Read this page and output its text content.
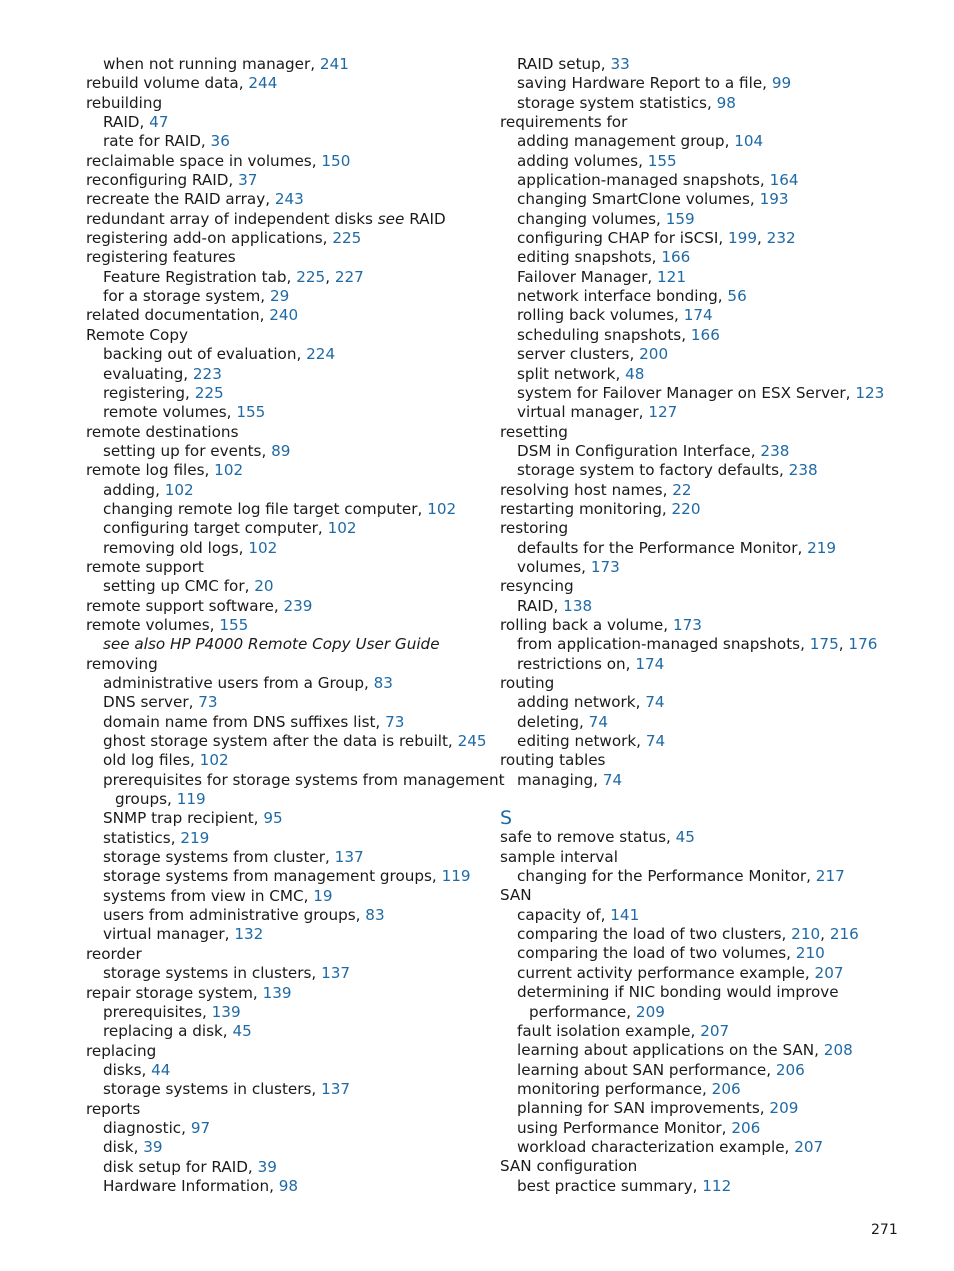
when not running manager, 241
rebuild volume data, 244
rebuilding
RAID, 47
rate for RAID, 36
reclaimable space in volumes, 150
reconfiguring RAID, 37
recreate the RAID array, 243
redundant array of independent disks see RAID
registering add-on applications, 225
registering features
Feature Registration tab, 225, 227
for a storage system, 29
related documentation, 240
Remote Copy
backing out of evaluation, 224
evaluating, 223
registering, 225
remote volumes, 155
remote destinations
setting up for events, 89
remote log files, 102
adding, 102
changing remote log file target computer, 102
configuring target computer, 102
removing old logs, 102
remote support
setting up CMC for, 20
remote support software, 239
remote volumes, 155
see also HP P4000 Remote Copy User Guide
removing
administrative users from a Group, 83
DNS server, 73
domain name from DNS suffixes list, 73
ghost storage system after the data is rebuilt, 245
old log files, 102
prerequisites for storage systems from management
groups, 119
SNMP trap recipient, 95
statistics, 219
storage systems from cluster, 137
storage systems from management groups, 119
systems from view in CMC, 19
users from administrative groups, 83
virtual manager, 132
reorder
storage systems in clusters, 137
repair storage system, 139
prerequisites, 139
replacing a disk, 45
replacing
disks, 44
storage systems in clusters, 137
reports
diagnostic, 97
disk, 39
disk setup for RAID, 39
Hardware Information, 98
RAID setup, 33
saving Hardware Report to a file, 99
storage system statistics, 98
requirements for
adding management group, 104
adding volumes, 155
application-managed snapshots, 164
changing SmartClone volumes, 193
changing volumes, 159
configuring CHAP for iSCSI, 199, 232
editing snapshots, 166
Failover Manager, 121
network interface bonding, 56
rolling back volumes, 174
scheduling snapshots, 166
server clusters, 200
split network, 48
system for Failover Manager on ESX Server, 123
virtual manager, 127
resetting
DSM in Configuration Interface, 238
storage system to factory defaults, 238
resolving host names, 22
restarting monitoring, 220
restoring
defaults for the Performance Monitor, 219
volumes, 173
resyncing
RAID, 138
rolling back a volume, 173
from application-managed snapshots, 175, 176
restrictions on, 174
routing
adding network, 74
deleting, 74
editing network, 74
routing tables
managing, 74
S
safe to remove status, 45
sample interval
changing for the Performance Monitor, 217
SAN
capacity of, 141
comparing the load of two clusters, 210, 216
comparing the load of two volumes, 210
current activity performance example, 207
determining if NIC bonding would improve
performance, 209
fault isolation example, 207
learning about applications on the SAN, 208
learning about SAN performance, 206
monitoring performance, 206
planning for SAN improvements, 209
using Performance Monitor, 206
workload characterization example, 207
SAN configuration
best practice summary, 112
271
